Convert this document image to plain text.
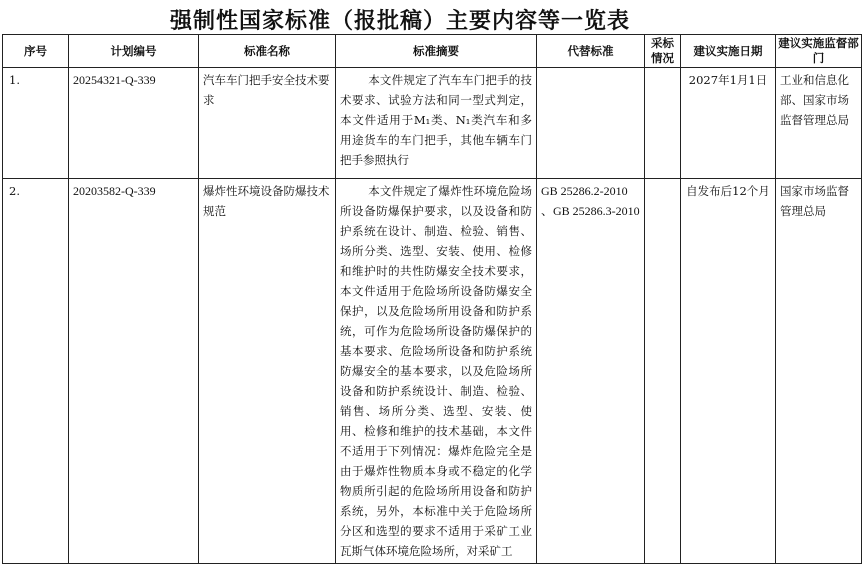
强制性国家标准（报批稿）主要内容等一览表
序号	计划编号	标准名称	标准摘要	代替标准	采标情况	建议实施日期	建议实施监督部门
1.	20254321-Q-339	汽车车门把手安全技术要求	本文件规定了汽车车门把手的技术要求、试验方法和同一型式判定，本文件适用于M₁类、N₁类汽车和多用途货车的车门把手，其他车辆车门把手参照执行			2027年1月1日	工业和信息化部、国家市场监督管理总局
2.	20203582-Q-339	爆炸性环境设备防爆技术规范	本文件规定了爆炸性环境危险场所设备防爆保护要求，以及设备和防护系统在设计、制造、检验、销售、场所分类、选型、安装、使用、检修和维护时的共性防爆安全技术要求，本文件适用于危险场所设备防爆安全保护，以及危险场所用设备和防护系统，可作为危险场所设备防爆保护的基本要求、危险场所设备和防护系统防爆安全的基本要求，以及危险场所设备和防护系统设计、制造、检验、销售、场所分类、选型、安装、使用、检修和维护的技术基础，本文件不适用于下列情况：爆炸危险完全是由于爆炸性物质本身或不稳定的化学物质所引起的危险场所用设备和防护系统，另外，本标准中关于危险场所分区和选型的要求不适用于采矿工业瓦斯气体环境危险场所，对采矿工	GB 25286.2-2010 、GB 25286.3-2010		自发布后12个月	国家市场监督管理总局
